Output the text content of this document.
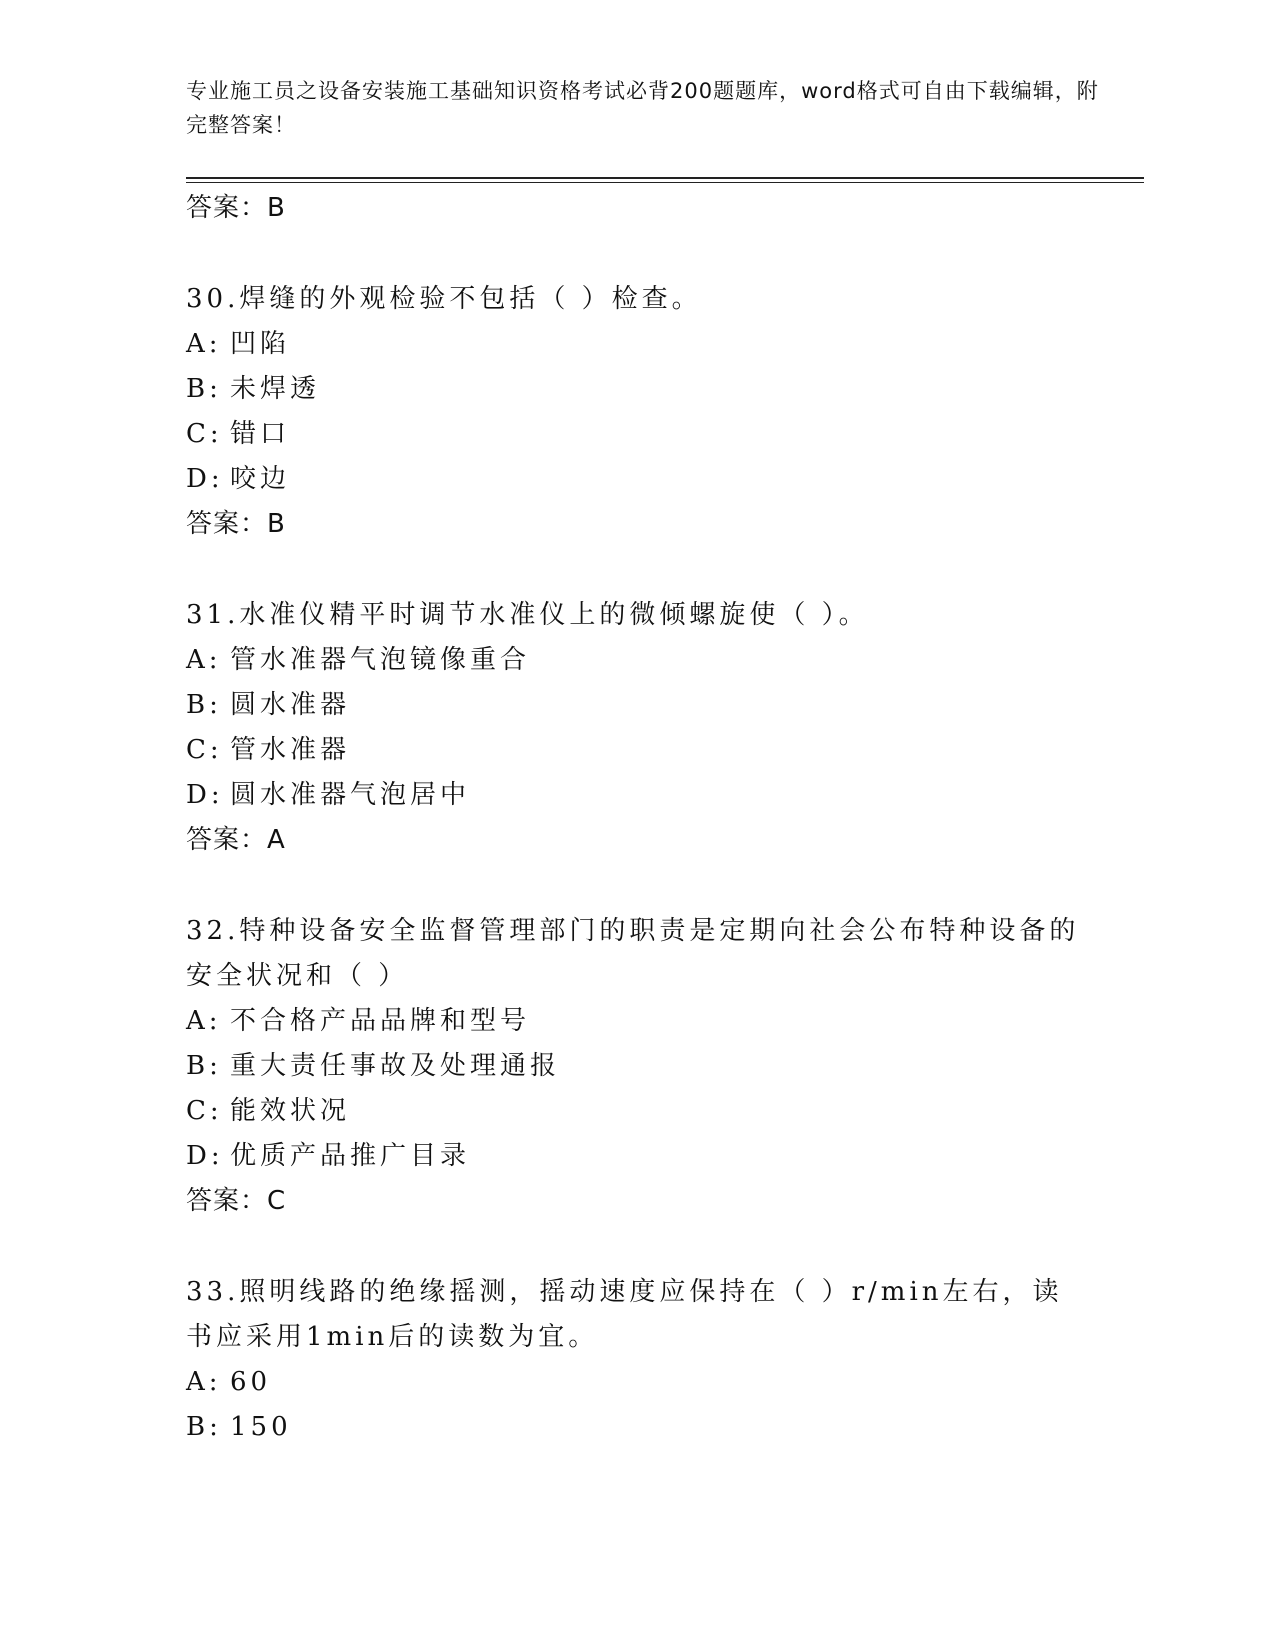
专业施工员之设备安装施工基础知识资格考试必背200题题库，word格式可自由下载编辑，附完整答案！

答案：B

30.焊缝的外观检验不包括（ ）检查。

A: 凹陷

B: 未焊透

C: 错口

D: 咬边

答案：B

31.水准仪精平时调节水准仪上的微倾螺旋使（ ）。

A: 管水准器气泡镜像重合

B: 圆水准器

C: 管水准器

D: 圆水准器气泡居中

答案：A

32.特种设备安全监督管理部门的职责是定期向社会公布特种设备的安全状况和（ ）

A: 不合格产品品牌和型号

B: 重大责任事故及处理通报

C: 能效状况

D: 优质产品推广目录

答案：C

33.照明线路的绝缘摇测，摇动速度应保持在（ ）r/min左右，读书应采用1min后的读数为宜。

A: 60

B: 150
